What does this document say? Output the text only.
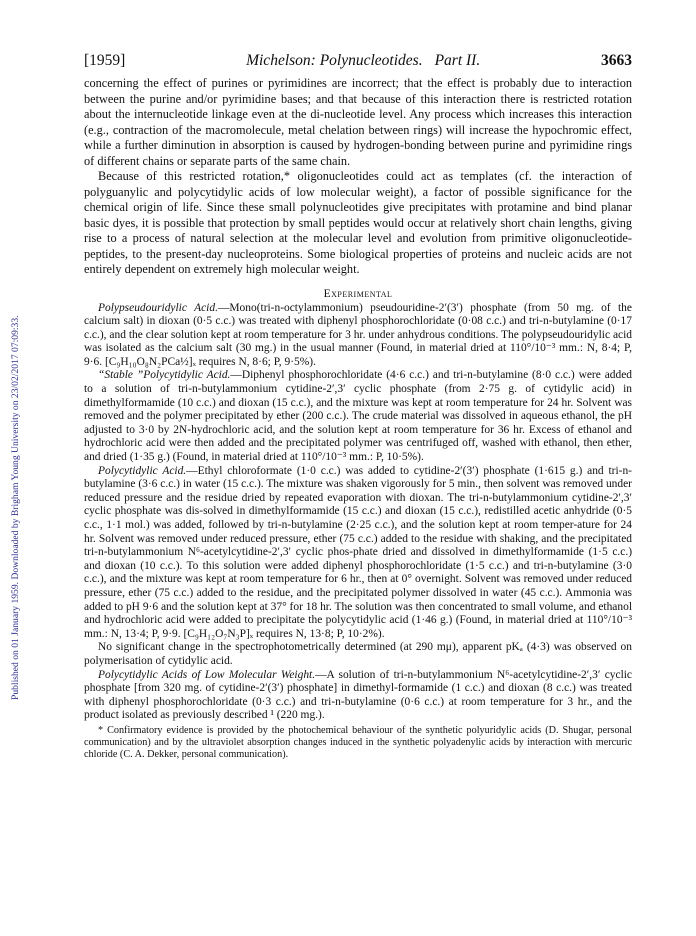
Published on 01 January 1959. Downloaded by Brigham Young University on 23/02/2017 07:09:33.
[1959]	Michelson: Polynucleotides. Part II.	3663

concerning the effect of purines or pyrimidines are incorrect; that the effect is probably due to interaction between the purine and/or pyrimidine bases; and that because of this interaction there is restricted rotation about the internucleotide linkage even at the di-nucleotide level. Any process which increases this interaction (e.g., contraction of the macromolecule, metal chelation between rings) will increase the hypochromic effect, while a further diminution in absorption is caused by hydrogen-bonding between purine and pyrimidine rings of different chains or separate parts of the same chain.

Because of this restricted rotation,* oligonucleotides could act as templates (cf. the interaction of polyguanylic and polycytidylic acids of low molecular weight), a factor of possible significance for the chemical origin of life. Since these small polynucleotides give precipitates with protamine and bind planar basic dyes, it is possible that protection by small peptides would occur at relatively short chain lengths, giving rise to a process of natural selection at the molecular level and evolution from primitive oligonucleotide-peptides, to the present-day nucleoproteins. Some biological properties of proteins and nucleic acids are not entirely dependent on extremely high molecular weight.

Experimental

Polypseudouridylic Acid.—Mono(tri-n-octylammonium) pseudouridine-2′(3′) phosphate (from 50 mg. of the calcium salt) in dioxan (0·5 c.c.) was treated with diphenyl phosphorochloridate (0·08 c.c.) and tri-n-butylamine (0·17 c.c.), and the clear solution kept at room temperature for 3 hr. under anhydrous conditions. The polypseudouridylic acid was isolated as the calcium salt (30 mg.) in the usual manner (Found, in material dried at 110°/10⁻³ mm.: N, 8·4; P, 9·6. [C₉H₁₀O₈N₂PCa½]ₓ requires N, 8·6; P, 9·5%).

“Stable ”Polycytidylic Acid.—Diphenyl phosphorochloridate (4·6 c.c.) and tri-n-butylamine (8·0 c.c.) were added to a solution of tri-n-butylammonium cytidine-2′,3′ cyclic phosphate (from 2·75 g. of cytidylic acid) in dimethylformamide (10 c.c.) and dioxan (15 c.c.), and the mixture was kept at room temperature for 24 hr. Solvent was removed and the polymer precipitated by ether (200 c.c.). The crude material was dissolved in aqueous ethanol, the pH adjusted to 3·0 by 2N-hydrochloric acid, and the solution kept at room temperature for 36 hr. Excess of ethanol and hydrochloric acid were then added and the precipitated polymer was centrifuged off, washed with ethanol, then ether, and dried (1·35 g.) (Found, in material dried at 110°/10⁻³ mm.: P, 10·5%).

Polycytidylic Acid.—Ethyl chloroformate (1·0 c.c.) was added to cytidine-2′(3′) phosphate (1·615 g.) and tri-n-butylamine (3·6 c.c.) in water (15 c.c.). The mixture was shaken vigorously for 5 min., then solvent was removed under reduced pressure and the residue dried by repeated evaporation with dioxan. The tri-n-butylammonium cytidine-2′,3′ cyclic phosphate was dis-solved in dimethylformamide (15 c.c.) and dioxan (15 c.c.), redistilled acetic anhydride (0·5 c.c., 1·1 mol.) was added, followed by tri-n-butylamine (2·25 c.c.), and the solution kept at room temper-ature for 24 hr. Solvent was removed under reduced pressure, ether (75 c.c.) added to the residue with shaking, and the precipitated tri-n-butylammonium N⁶-acetylcytidine-2′,3′ cyclic phos-phate dried and dissolved in dimethylformamide (1·5 c.c.) and dioxan (10 c.c.). To this solution were added diphenyl phosphorochloridate (1·5 c.c.) and tri-n-butylamine (3·0 c.c.), and the mixture was kept at room temperature for 6 hr., then at 0° overnight. Solvent was removed under reduced pressure, ether (75 c.c.) added to the residue, and the precipitated polymer dissolved in water (45 c.c.). Ammonia was added to pH 9·6 and the solution kept at 37° for 18 hr. The solution was then concentrated to small volume, and ethanol and hydrochloric acid were added to precipitate the polycytidylic acid (1·46 g.) (Found, in material dried at 110°/10⁻³ mm.: N, 13·4; P, 9·9. [C₉H₁₂O₇N₃P]ₓ requires N, 13·8; P, 10·2%).

No significant change in the spectrophotometrically determined (at 290 mμ), apparent pKₐ (4·3) was observed on polymerisation of cytidylic acid.

Polycytidylic Acids of Low Molecular Weight.—A solution of tri-n-butylammonium N⁶-acetylcytidine-2′,3′ cyclic phosphate [from 320 mg. of cytidine-2′(3′) phosphate] in dimethyl-formamide (1 c.c.) and dioxan (8 c.c.) was treated with diphenyl phosphorochloridate (0·3 c.c.) and tri-n-butylamine (0·6 c.c.) at room temperature for 3 hr., and the product isolated as previously described ¹ (220 mg.).

* Confirmatory evidence is provided by the photochemical behaviour of the synthetic polyuridylic acids (D. Shugar, personal communication) and by the ultraviolet absorption changes induced in the synthetic polyadenylic acids by interaction with mercuric chloride (C. A. Dekker, personal communication).
